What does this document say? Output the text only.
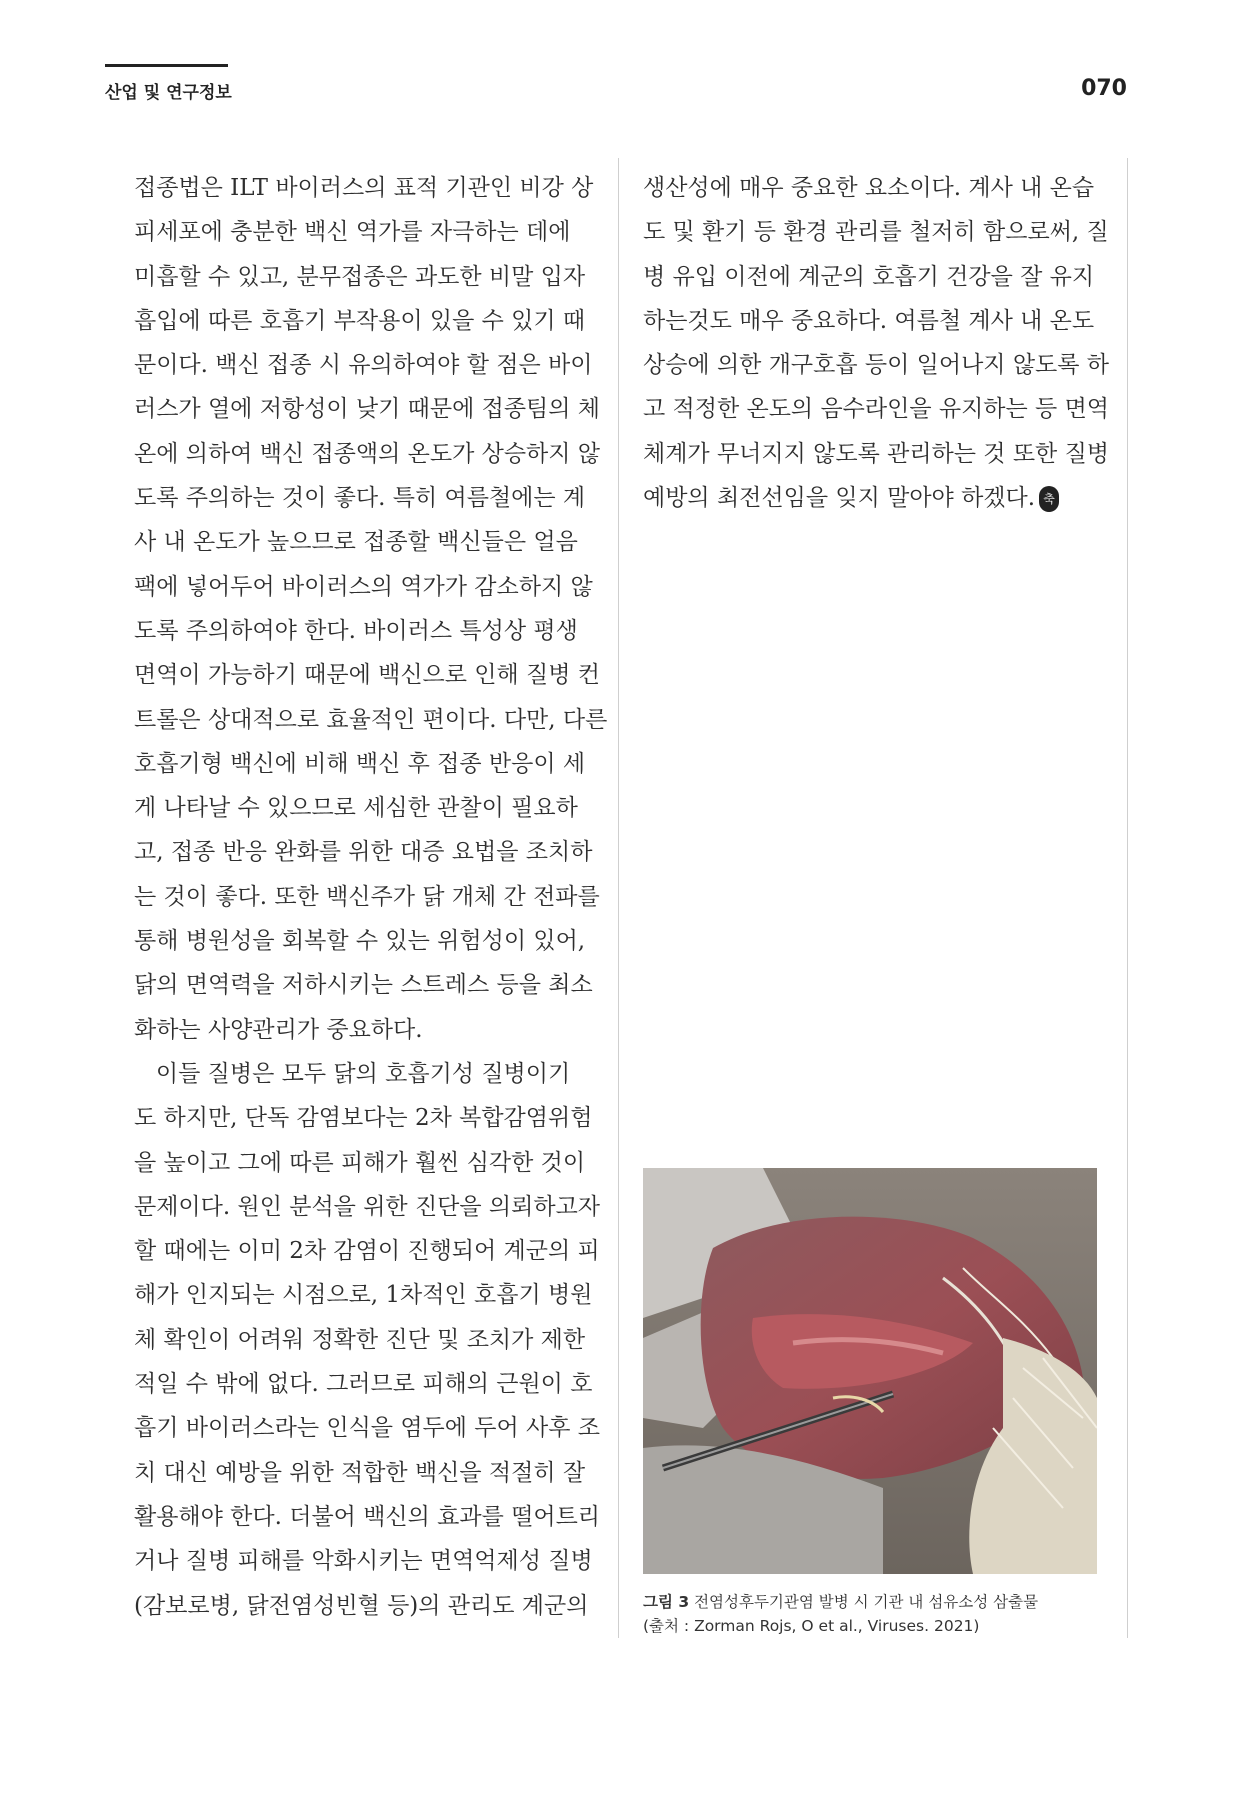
산업 및 연구정보	070

접종법은 ILT 바이러스의 표적 기관인 비강 상
피세포에 충분한 백신 역가를 자극하는 데에
미흡할 수 있고, 분무접종은 과도한 비말 입자
흡입에 따른 호흡기 부작용이 있을 수 있기 때
문이다. 백신 접종 시 유의하여야 할 점은 바이
러스가 열에 저항성이 낮기 때문에 접종팀의 체
온에 의하여 백신 접종액의 온도가 상승하지 않
도록 주의하는 것이 좋다. 특히 여름철에는 계
사 내 온도가 높으므로 접종할 백신들은 얼음
팩에 넣어두어 바이러스의 역가가 감소하지 않
도록 주의하여야 한다. 바이러스 특성상 평생
면역이 가능하기 때문에 백신으로 인해 질병 컨
트롤은 상대적으로 효율적인 편이다. 다만, 다른
호흡기형 백신에 비해 백신 후 접종 반응이 세
게 나타날 수 있으므로 세심한 관찰이 필요하
고, 접종 반응 완화를 위한 대증 요법을 조치하
는 것이 좋다. 또한 백신주가 닭 개체 간 전파를
통해 병원성을 회복할 수 있는 위험성이 있어,
닭의 면역력을 저하시키는 스트레스 등을 최소
화하는 사양관리가 중요하다.

이들 질병은 모두 닭의 호흡기성 질병이기
도 하지만, 단독 감염보다는 2차 복합감염위험
을 높이고 그에 따른 피해가 훨씬 심각한 것이
문제이다. 원인 분석을 위한 진단을 의뢰하고자
할 때에는 이미 2차 감염이 진행되어 계군의 피
해가 인지되는 시점으로, 1차적인 호흡기 병원
체 확인이 어려워 정확한 진단 및 조치가 제한
적일 수 밖에 없다. 그러므로 피해의 근원이 호
흡기 바이러스라는 인식을 염두에 두어 사후 조
치 대신 예방을 위한 적합한 백신을 적절히 잘
활용해야 한다. 더불어 백신의 효과를 떨어트리
거나 질병 피해를 악화시키는 면역억제성 질병
(감보로병, 닭전염성빈혈 등)의 관리도 계군의

생산성에 매우 중요한 요소이다. 계사 내 온습
도 및 환기 등 환경 관리를 철저히 함으로써, 질
병 유입 이전에 계군의 호흡기 건강을 잘 유지
하는것도 매우 중요하다. 여름철 계사 내 온도
상승에 의한 개구호흡 등이 일어나지 않도록 하
고 적정한 온도의 음수라인을 유지하는 등 면역
체계가 무너지지 않도록 관리하는 것 또한 질병
예방의 최전선임을 잊지 말아야 하겠다. 축

그림 3 전염성후두기관염 발병 시 기관 내 섬유소성 삼출물
(출처 : Zorman Rojs, O et al., Viruses. 2021)
